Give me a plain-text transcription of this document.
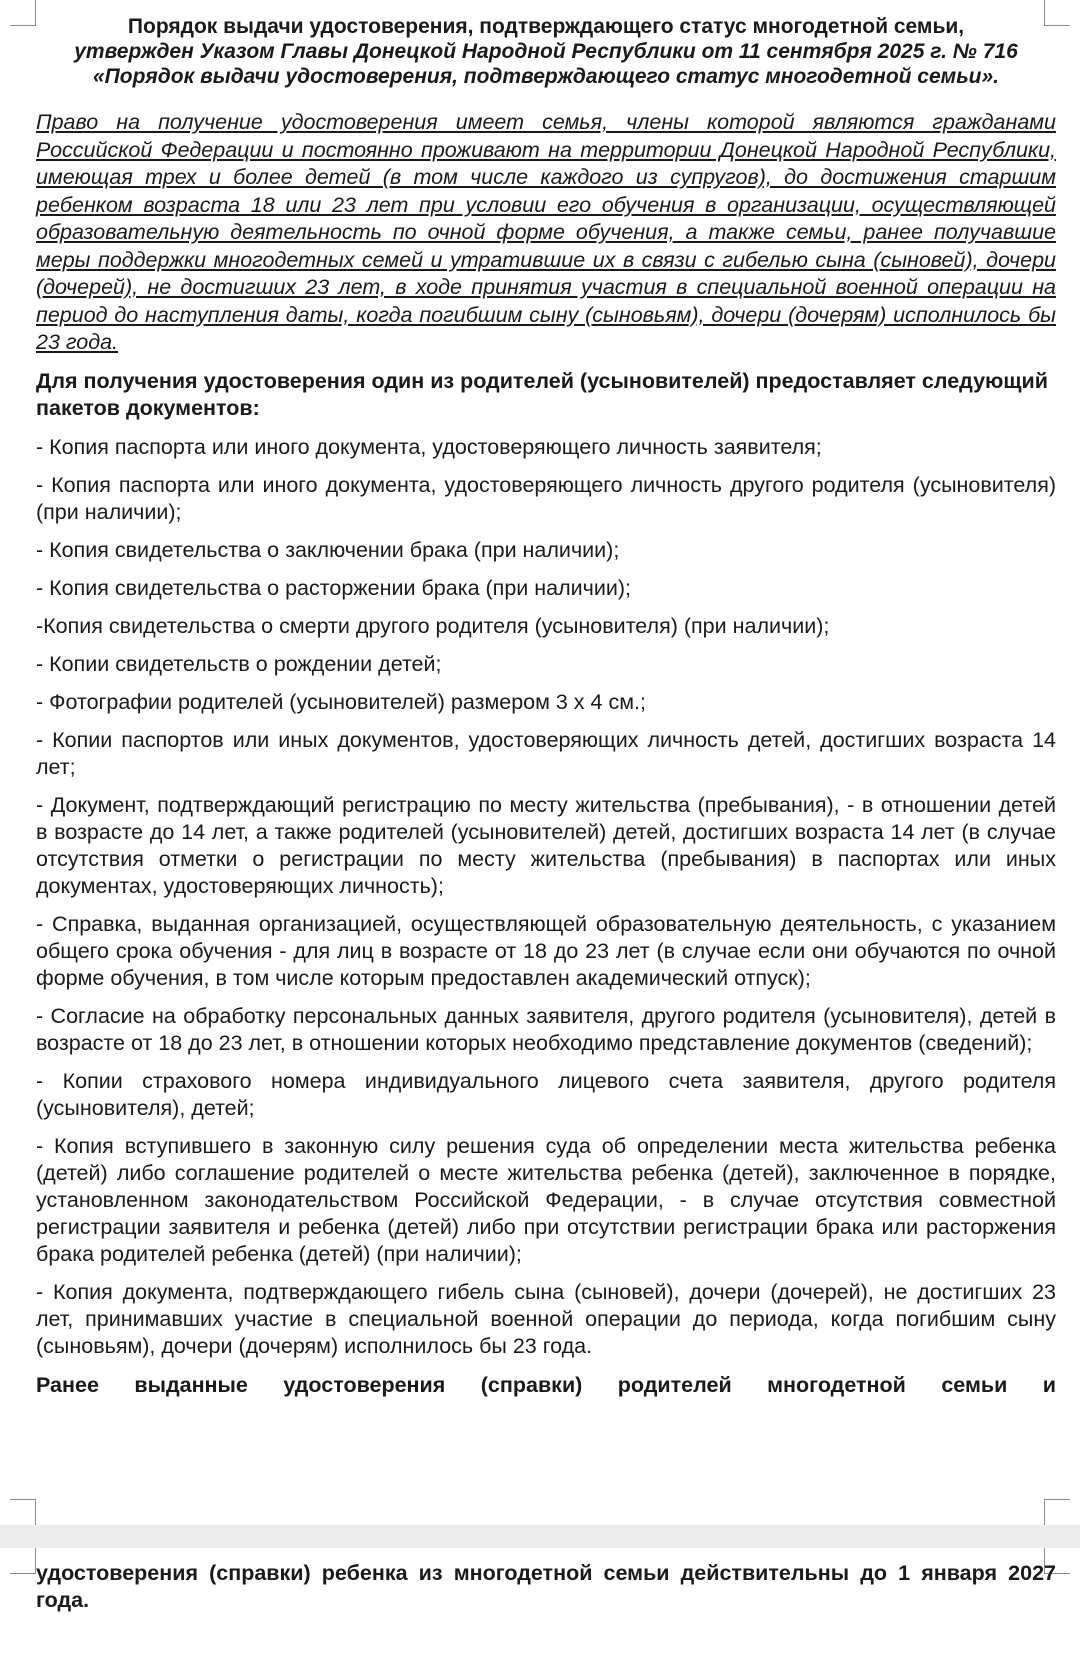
Порядок выдачи удостоверения, подтверждающего статус многодетной семьи,
утвержден Указом Главы Донецкой Народной Республики от 11 сентября 2025 г. № 716
«Порядок выдачи удостоверения, подтверждающего статус многодетной семьи».

Право на получение удостоверения имеет семья, члены которой являются гражданами Российской Федерации и постоянно проживают на территории Донецкой Народной Республики, имеющая трех и более детей (в том числе каждого из супругов), до достижения старшим ребенком возраста 18 или 23 лет при условии его обучения в организации, осуществляющей образовательную деятельность по очной форме обучения, а также семьи, ранее получавшие меры поддержки многодетных семей и утратившие их в связи с гибелью сына (сыновей), дочери (дочерей), не достигших 23 лет, в ходе принятия участия в специальной военной операции на период до наступления даты, когда погибшим сыну (сыновьям), дочери (дочерям) исполнилось бы 23 года.

Для получения удостоверения один из родителей (усыновителей) предоставляет следующий пакетов документов:

- Копия паспорта или иного документа, удостоверяющего личность заявителя;
- Копия паспорта или иного документа, удостоверяющего личность другого родителя (усыновителя) (при наличии);
- Копия свидетельства о заключении брака (при наличии);
- Копия свидетельства о расторжении брака (при наличии);
-Копия свидетельства о смерти другого родителя (усыновителя) (при наличии);
- Копии свидетельств о рождении детей;
- Фотографии родителей (усыновителей) размером 3 х 4 см.;
- Копии паспортов или иных документов, удостоверяющих личность детей, достигших возраста 14 лет;
- Документ, подтверждающий регистрацию по месту жительства (пребывания), - в отношении детей в возрасте до 14 лет, а также родителей (усыновителей) детей, достигших возраста 14 лет (в случае отсутствия отметки о регистрации по месту жительства (пребывания) в паспортах или иных документах, удостоверяющих личность);
- Справка, выданная организацией, осуществляющей образовательную деятельность, с указанием общего срока обучения - для лиц в возрасте от 18 до 23 лет (в случае если они обучаются по очной форме обучения, в том числе которым предоставлен академический отпуск);
- Согласие на обработку персональных данных заявителя, другого родителя (усыновителя), детей в возрасте от 18 до 23 лет, в отношении которых необходимо представление документов (сведений);
- Копии страхового номера индивидуального лицевого счета заявителя, другого родителя (усыновителя), детей;
- Копия вступившего в законную силу решения суда об определении места жительства ребенка (детей) либо соглашение родителей о месте жительства ребенка (детей), заключенное в порядке, установленном законодательством Российской Федерации, - в случае отсутствия совместной регистрации заявителя и ребенка (детей) либо при отсутствии регистрации брака или расторжения брака родителей ребенка (детей) (при наличии);
- Копия документа, подтверждающего гибель сына (сыновей), дочери (дочерей), не достигших 23 лет, принимавших участие в специальной военной операции до периода, когда погибшим сыну (сыновьям), дочери (дочерям) исполнилось бы 23 года.

Ранее выданные удостоверения (справки) родителей многодетной семьи и

удостоверения (справки) ребенка из многодетной семьи действительны до 1 января 2027 года.
